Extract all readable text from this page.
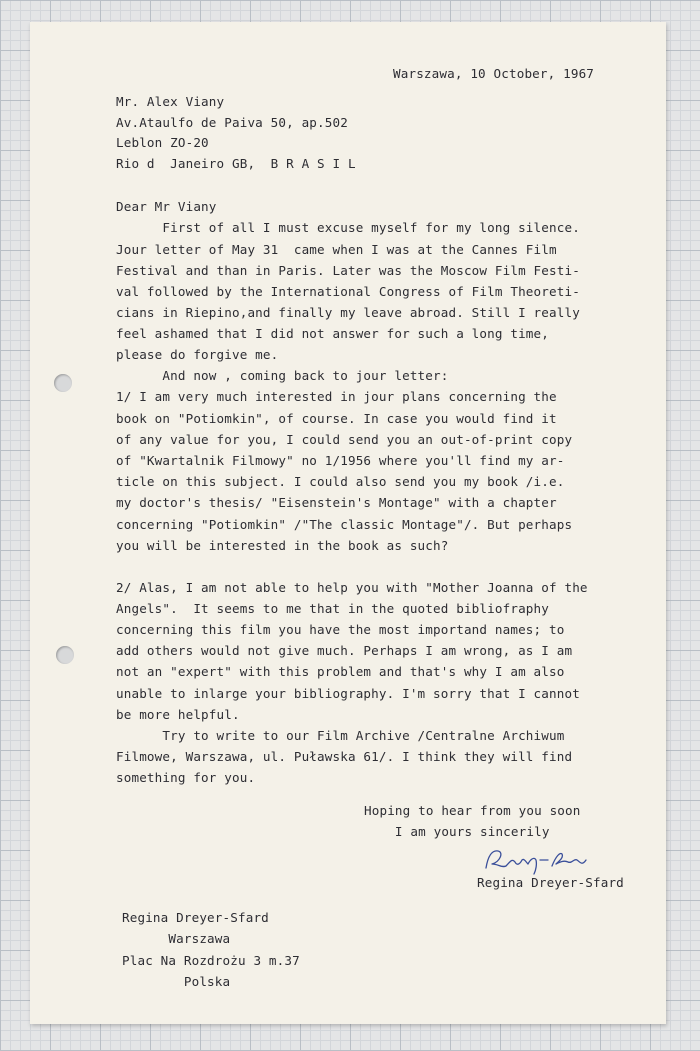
Warszawa, 10 October, 1967
Mr. Alex Viany
Av.Ataulfo de Paiva 50, ap.502
Leblon ZO-20
Rio d  Janeiro GB,  B R A S I L
Dear Mr Viany
First of all I must excuse myself for my long silence.
Jour letter of May 31  came when I was at the Cannes Film
Festival and than in Paris. Later was the Moscow Film Festi-
val followed by the International Congress of Film Theoreti-
cians in Riepino,and finally my leave abroad. Still I really
feel ashamed that I did not answer for such a long time,
please do forgive me.
And now , coming back to jour letter:
1/ I am very much interested in jour plans concerning the
book on "Potiomkin", of course. In case you would find it
of any value for you, I could send you an out-of-print copy
of "Kwartalnik Filmowy" no 1/1956 where you'll find my ar-
ticle on this subject. I could also send you my book /i.e.
my doctor's thesis/ "Eisenstein's Montage" with a chapter
concerning "Potiomkin" /"The classic Montage"/. But perhaps
you will be interested in the book as such?
2/ Alas, I am not able to help you with "Mother Joanna of the
Angels".  It seems to me that in the quoted bibliofraphy
concerning this film you have the most importand names; to
add others would not give much. Perhaps I am wrong, as I am
not an "expert" with this problem and that's why I am also
unable to inlarge your bibliography. I'm sorry that I cannot
be more helpful.
Try to write to our Film Archive /Centralne Archiwum
Filmowe, Warszawa, ul. Puławska 61/. I think they will find
something for you.
Hoping to hear from you soon
I am yours sincerily
Regina Dreyer-Sfard
Regina Dreyer-Sfard
Warszawa
Plac Na Rozdrożu 3 m.37
Polska
